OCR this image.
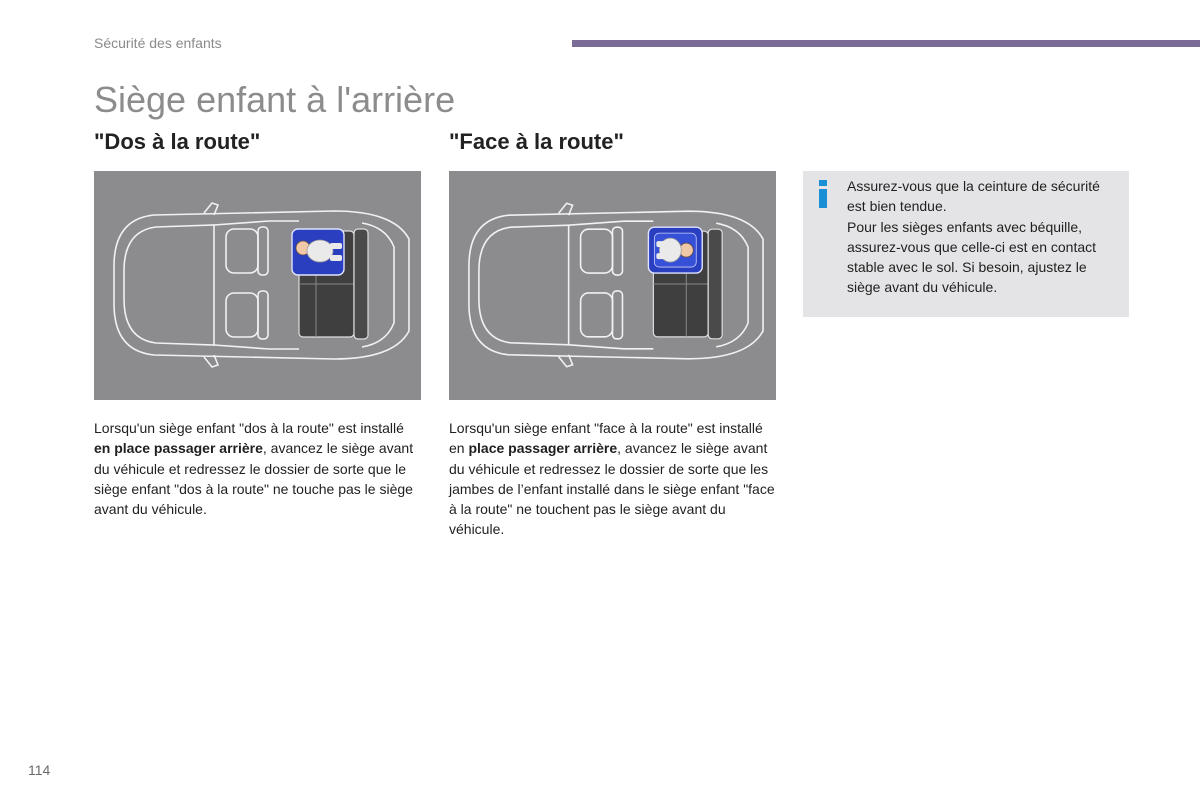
Sécurité des enfants
Siège enfant à l'arrière
"Dos à la route"

Lorsqu'un siège enfant "dos à la route" est installé en place passager arrière, avancez le siège avant du véhicule et redressez le dossier de sorte que le siège enfant "dos à la route" ne touche pas le siège avant du véhicule.

"Face à la route"

Lorsqu'un siège enfant "face à la route" est installé en place passager arrière, avancez le siège avant du véhicule et redressez le dossier de sorte que les jambes de l’enfant installé dans le siège enfant "face à la route" ne touchent pas le siège avant du véhicule.

Assurez-vous que la ceinture de sécurité est bien tendue.
Pour les sièges enfants avec béquille, assurez-vous que celle-ci est en contact stable avec le sol. Si besoin, ajustez le siège avant du véhicule.
114
